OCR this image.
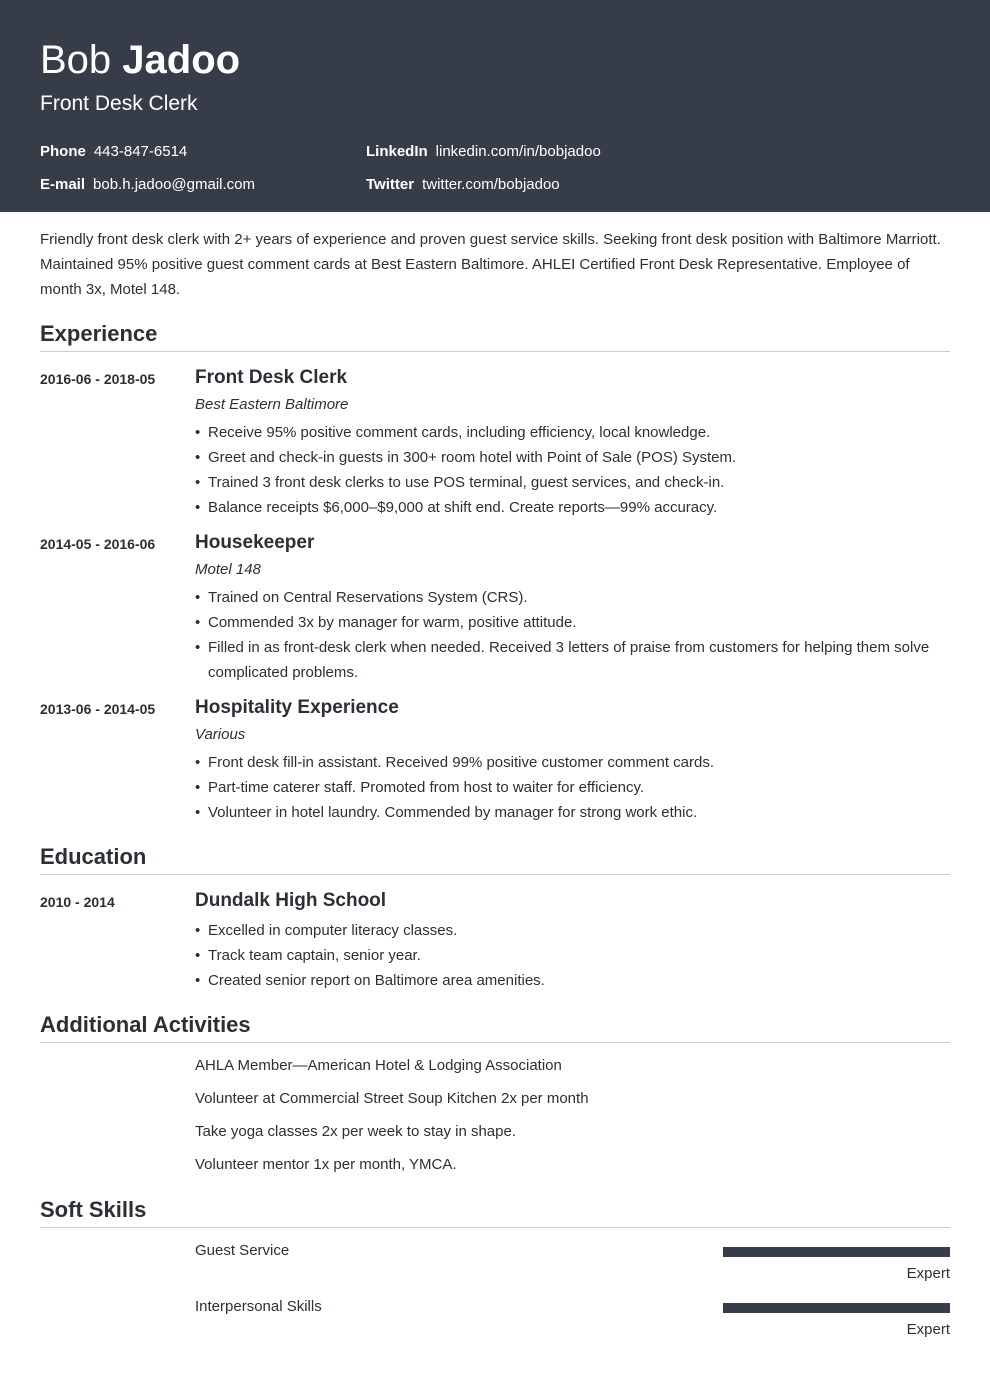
Bob Jadoo
Front Desk Clerk
Phone 443-847-6514
E-mail bob.h.jadoo@gmail.com
LinkedIn linkedin.com/in/bobjadoo
Twitter twitter.com/bobjadoo

Friendly front desk clerk with 2+ years of experience and proven guest service skills. Seeking front desk position with Baltimore Marriott. Maintained 95% positive guest comment cards at Best Eastern Baltimore. AHLEI Certified Front Desk Representative. Employee of month 3x, Motel 148.

Experience
2016-06 - 2018-05 Front Desk Clerk
Best Eastern Baltimore
• Receive 95% positive comment cards, including efficiency, local knowledge.
• Greet and check-in guests in 300+ room hotel with Point of Sale (POS) System.
• Trained 3 front desk clerks to use POS terminal, guest services, and check-in.
• Balance receipts $6,000–$9,000 at shift end. Create reports—99% accuracy.
2014-05 - 2016-06 Housekeeper
Motel 148
• Trained on Central Reservations System (CRS).
• Commended 3x by manager for warm, positive attitude.
• Filled in as front-desk clerk when needed. Received 3 letters of praise from customers for helping them solve complicated problems.
2013-06 - 2014-05 Hospitality Experience
Various
• Front desk fill-in assistant. Received 99% positive customer comment cards.
• Part-time caterer staff. Promoted from host to waiter for efficiency.
• Volunteer in hotel laundry. Commended by manager for strong work ethic.
Education
2010 - 2014	Dundalk High School
• Excelled in computer literacy classes.
• Track team captain, senior year.
• Created senior report on Baltimore area amenities.
Additional Activities
AHLA Member—American Hotel & Lodging Association
Volunteer at Commercial Street Soup Kitchen 2x per month
Take yoga classes 2x per week to stay in shape.
Volunteer mentor 1x per month, YMCA.
Soft Skills
Guest Service
Expert
Interpersonal Skills
Expert
